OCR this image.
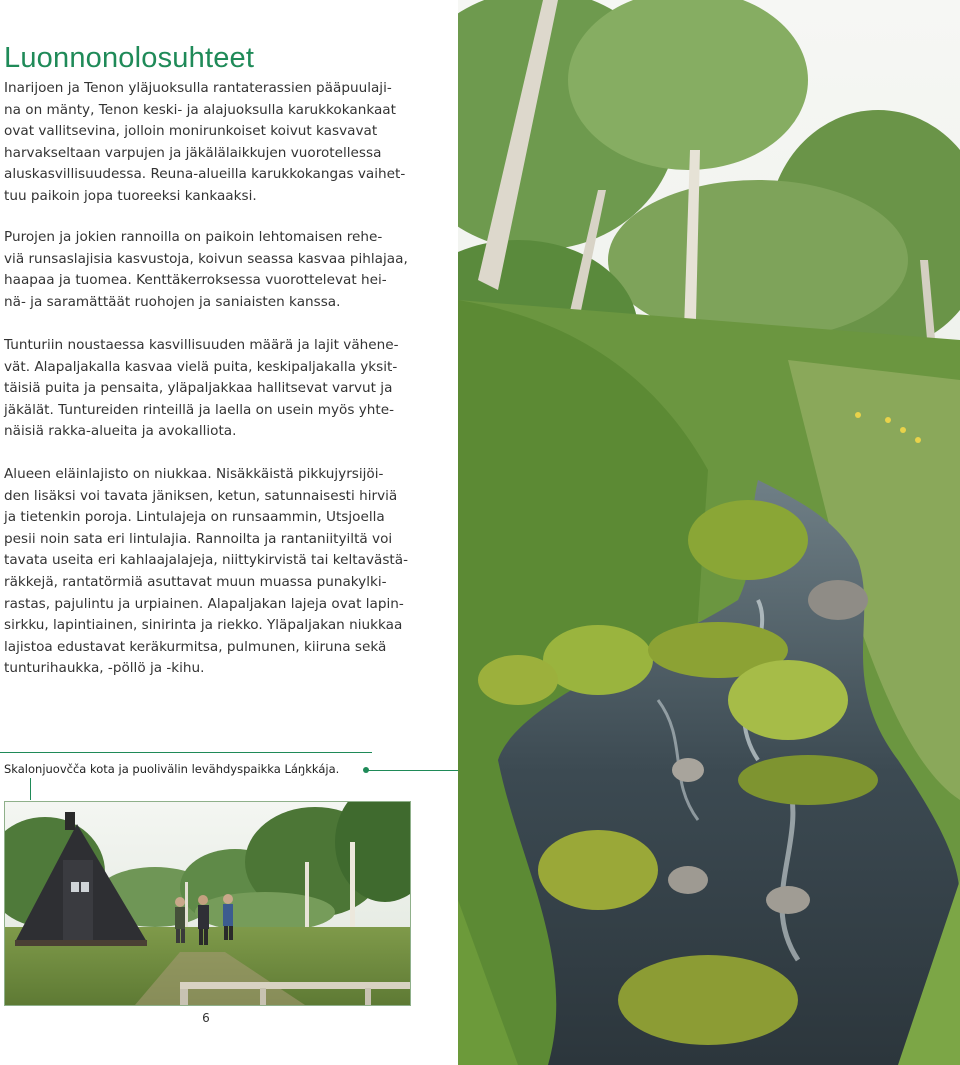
Luonnonolosuhteet
Inarijoen ja Tenon yläjuoksulla rantaterassien pääpuulaji-
na on mänty, Tenon keski- ja alajuoksulla karukkokankaat
ovat vallitsevina, jolloin monirunkoiset koivut kasvavat
harvakseltaan varpujen ja jäkälälaikkujen vuorotellessa
aluskasvillisuudessa. Reuna-alueilla karukkokangas vaihet-
tuu paikoin jopa tuoreeksi kankaaksi.
Purojen ja jokien rannoilla on paikoin lehtomaisen rehe-
viä runsaslajisia kasvustoja, koivun seassa kasvaa pihlajaa,
haapaa ja tuomea. Kenttäkerroksessa vuorottelevat hei-
nä- ja saramättäät ruohojen ja saniaisten kanssa.
Tunturiin noustaessa kasvillisuuden määrä ja lajit vähene-
vät. Alapaljakalla kasvaa vielä puita, keskipaljakalla yksit-
täisiä puita ja pensaita, yläpaljakkaa hallitsevat varvut ja
jäkälät. Tuntureiden rinteillä ja laella on usein myös yhte-
näisiä rakka-alueita ja avokalliota.
Alueen eläinlajisto on niukkaa. Nisäkkäistä pikkujyrsijöi-
den lisäksi voi tavata jäniksen, ketun, satunnaisesti hirviä
ja tietenkin poroja. Lintulajeja on runsaammin, Utsjoella
pesii noin sata eri lintulajia. Rannoilta ja rantaniityiltä voi
tavata useita eri kahlaajalajeja, niittykirvistä tai keltavästä-
räkkejä, rantatörmiä asuttavat muun muassa punakylki-
rastas, pajulintu ja urpiainen. Alapaljakan lajeja ovat lapin-
sirkku, lapintiainen, sinirinta ja riekko. Yläpaljakan niukkaa
lajistoa edustavat keräkurmitsa, pulmunen, kiiruna sekä
tunturihaukka, -pöllö ja -kihu.

Skalonjuovčča kota ja puolivälin levähdyspaikka Láŋkkája.

6
